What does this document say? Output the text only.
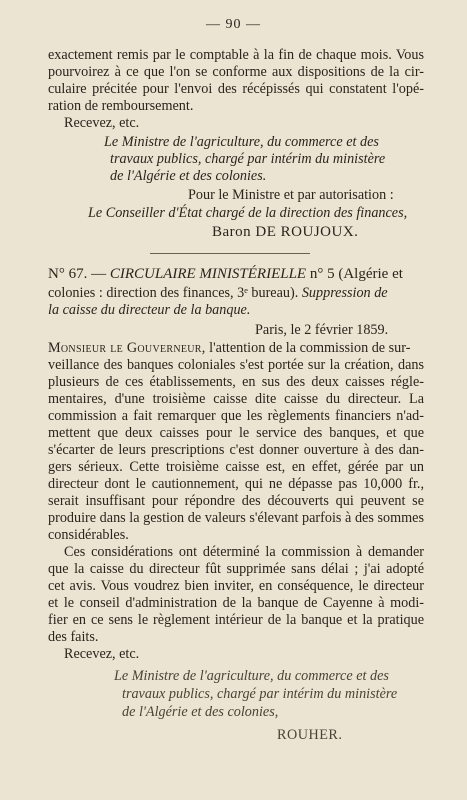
— 90 —
exactement remis par le comptable à la fin de chaque mois. Vous
pourvoirez à ce que l'on se conforme aux dispositions de la cir-
culaire précitée pour l'envoi des récépissés qui constatent l'opé-
ration de remboursement.
Recevez, etc.
Le Ministre de l'agriculture, du commerce et des
travaux publics, chargé par intérim du ministère
de l'Algérie et des colonies.
Pour le Ministre et par autorisation :
Le Conseiller d'État chargé de la direction des finances,
Baron DE ROUJOUX.
N° 67. — CIRCULAIRE MINISTÉRIELLE n° 5 (Algérie et
colonies : direction des finances, 3ᵉ bureau). Suppression de
la caisse du directeur de la banque.
Paris, le 2 février 1859.
Monsieur le Gouverneur, l'attention de la commission de sur-
veillance des banques coloniales s'est portée sur la création, dans
plusieurs de ces établissements, en sus des deux caisses régle-
mentaires, d'une troisième caisse dite caisse du directeur. La
commission a fait remarquer que les règlements financiers n'ad-
mettent que deux caisses pour le service des banques, et que
s'écarter de leurs prescriptions c'est donner ouverture à des dan-
gers sérieux. Cette troisième caisse est, en effet, gérée par un
directeur dont le cautionnement, qui ne dépasse pas 10,000 fr.,
serait insuffisant pour répondre des découverts qui peuvent se
produire dans la gestion de valeurs s'élevant parfois à des sommes
considérables.
Ces considérations ont déterminé la commission à demander
que la caisse du directeur fût supprimée sans délai ; j'ai adopté
cet avis. Vous voudrez bien inviter, en conséquence, le directeur
et le conseil d'administration de la banque de Cayenne à modi-
fier en ce sens le règlement intérieur de la banque et la pratique
des faits.
Recevez, etc.
Le Ministre de l'agriculture, du commerce et des
travaux publics, chargé par intérim du ministère
de l'Algérie et des colonies,
ROUHER.
